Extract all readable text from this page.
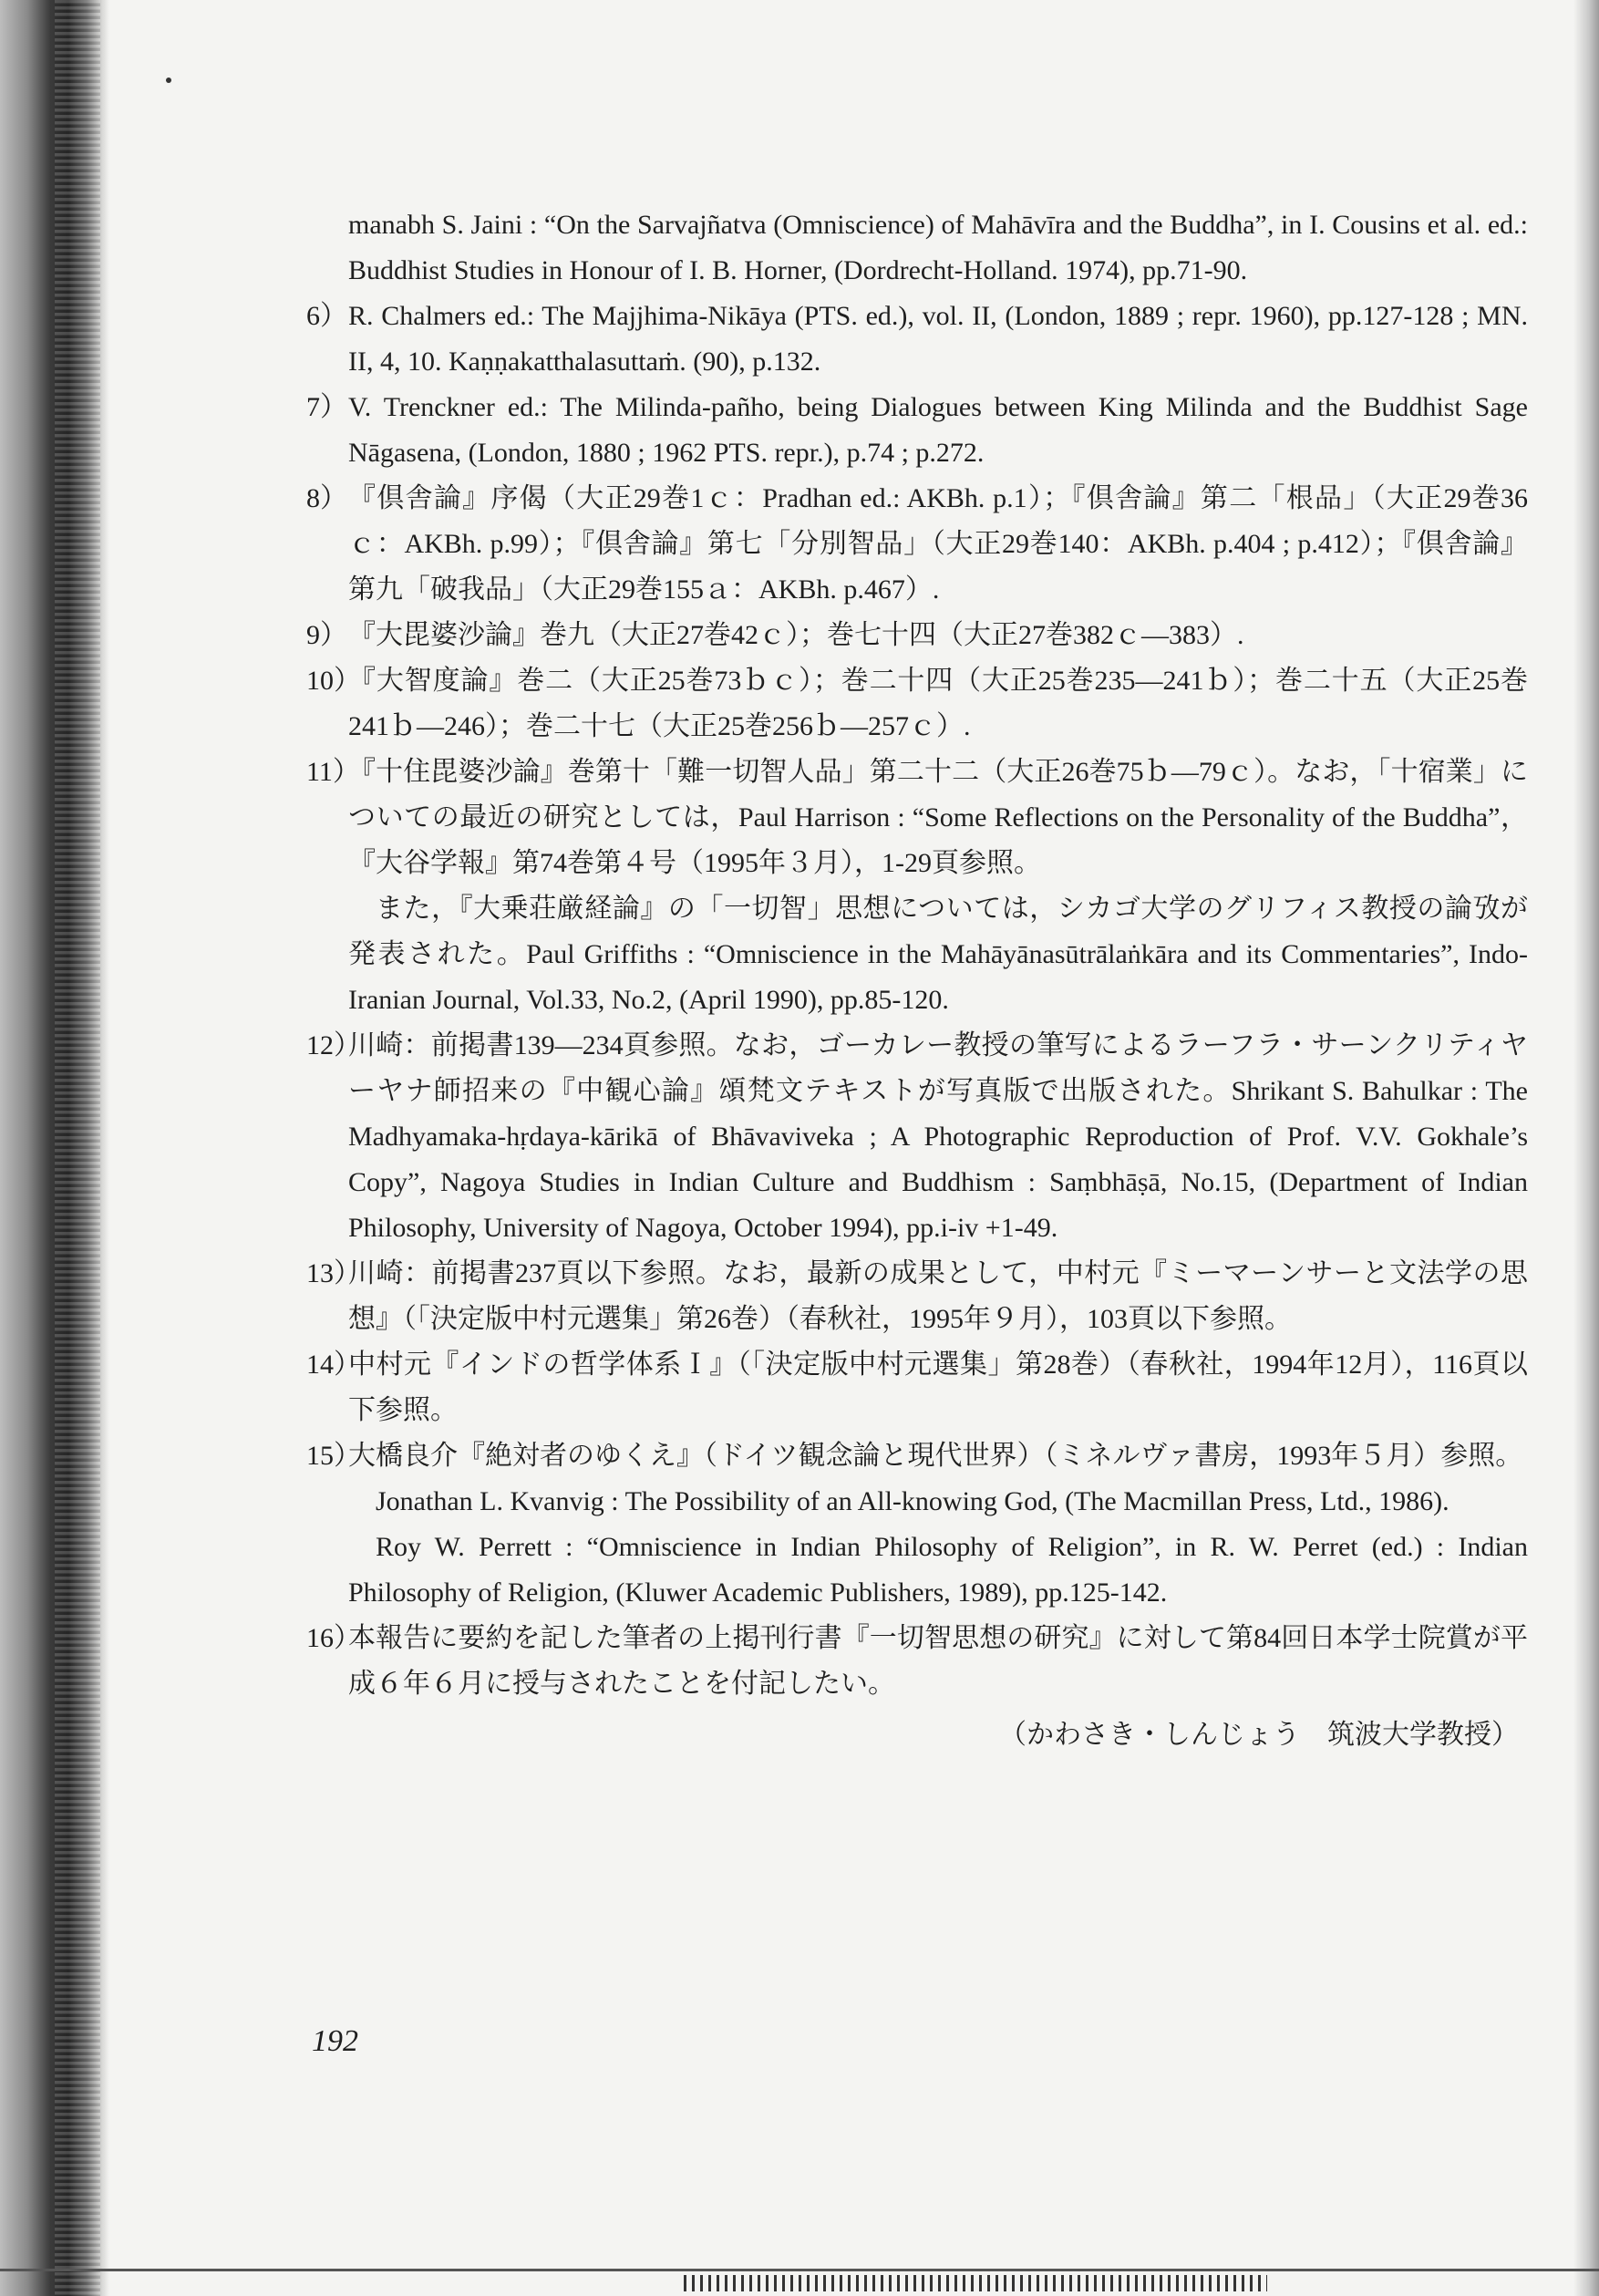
manabh S. Jaini : “On the Sarvajñatva (Omniscience) of Mahāvīra and the Buddha”, in I. Cousins et al. ed.: Buddhist Studies in Honour of I. B. Horner, (Dordrecht-Holland. 1974), pp.71-90.
6） R. Chalmers ed.: The Majjhima-Nikāya (PTS. ed.), vol. II, (London, 1889 ; repr. 1960), pp.127-128 ; MN. II, 4, 10. Kaṇṇakatthalasuttaṁ. (90), p.132.
7） V. Trenckner ed.: The Milinda-pañho, being Dialogues between King Milinda and the Buddhist Sage Nāgasena, (London, 1880 ; 1962 PTS. repr.), p.74 ; p.272.
8） 『倶舎論』序偈（大正29巻1ｃ：Pradhan ed.: AKBh. p.1）；『倶舎論』第二「根品」（大正29巻36ｃ：AKBh. p.99）；『倶舎論』第七「分別智品」（大正29巻140：AKBh. p.404 ; p.412）；『倶舎論』第九「破我品」（大正29巻155ａ：AKBh. p.467）.
9） 『大毘婆沙論』巻九（大正27巻42ｃ）；巻七十四（大正27巻382ｃ―383）.
10）
『大智度論』巻二（大正25巻73ｂｃ）；巻二十四（大正25巻235―241ｂ）；巻二十五（大正25巻241ｂ―246）；巻二十七（大正25巻256ｂ―257ｃ）.
11）
『十住毘婆沙論』巻第十「難一切智人品」第二十二（大正26巻75ｂ―79ｃ）。なお，「十宿業」についての最近の研究としては，Paul Harrison : “Some Reflections on the Personality of the Buddha”，『大谷学報』第74巻第４号（1995年３月），1-29頁参照。
また，『大乗荘厳経論』の「一切智」思想については，シカゴ大学のグリフィス教授の論攷が発表された。Paul Griffiths : “Omniscience in the Mahāyānasūtrālaṅkāra and its Commentaries”, Indo-Iranian Journal, Vol.33, No.2, (April 1990), pp.85-120.
12）
川崎：前掲書139―234頁参照。なお，ゴーカレー教授の筆写によるラーフラ・サーンクリティヤーヤナ師招来の『中観心論』頌梵文テキストが写真版で出版された。Shrikant S. Bahulkar : The Madhyamaka-hṛdaya-kārikā of Bhāvaviveka ; A Photographic Reproduction of Prof. V.V. Gokhale’s Copy”, Nagoya Studies in Indian Culture and Buddhism : Saṃbhāṣā, No.15, (Department of Indian Philosophy, University of Nagoya, October 1994), pp.i-iv +1-49.
13）
川崎：前掲書237頁以下参照。なお，最新の成果として，中村元『ミーマーンサーと文法学の思想』（「決定版中村元選集」第26巻）（春秋社，1995年９月），103頁以下参照。
14）
中村元『インドの哲学体系Ｉ』（「決定版中村元選集」第28巻）（春秋社，1994年12月），116頁以下参照。
15）
大橋良介『絶対者のゆくえ』（ドイツ観念論と現代世界）（ミネルヴァ書房，1993年５月）参照。
Jonathan L. Kvanvig : The Possibility of an All-knowing God, (The Macmillan Press, Ltd., 1986).
Roy W. Perrett : “Omniscience in Indian Philosophy of Religion”, in R. W. Perret (ed.) : Indian Philosophy of Religion, (Kluwer Academic Publishers, 1989), pp.125-142.
16）
本報告に要約を記した筆者の上掲刊行書『一切智思想の研究』に対して第84回日本学士院賞が平成６年６月に授与されたことを付記したい。
（かわさき・しんじょう　筑波大学教授）
192
